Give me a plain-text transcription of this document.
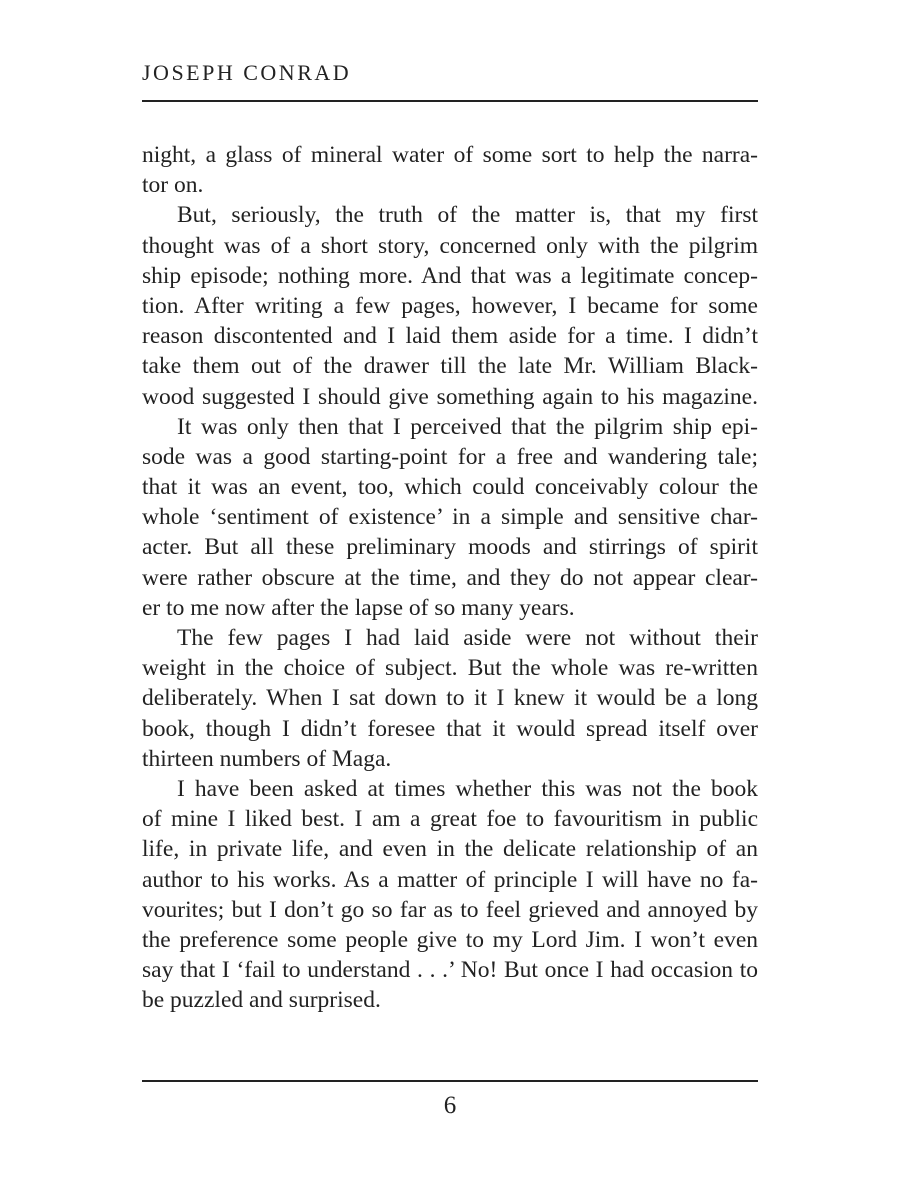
JOSEPH CONRAD
night, a glass of mineral water of some sort to help the narra-
tor on.
But, seriously, the truth of the matter is, that my first
thought was of a short story, concerned only with the pilgrim
ship episode; nothing more. And that was a legitimate concep-
tion. After writing a few pages, however, I became for some
reason discontented and I laid them aside for a time. I didn’t
take them out of the drawer till the late Mr. William Black-
wood suggested I should give something again to his magazine.
It was only then that I perceived that the pilgrim ship epi-
sode was a good starting-point for a free and wandering tale;
that it was an event, too, which could conceivably colour the
whole ‘sentiment of existence’ in a simple and sensitive char-
acter. But all these preliminary moods and stirrings of spirit
were rather obscure at the time, and they do not appear clear-
er to me now after the lapse of so many years.
The few pages I had laid aside were not without their
weight in the choice of subject. But the whole was re-written
deliberately. When I sat down to it I knew it would be a long
book, though I didn’t foresee that it would spread itself over
thirteen numbers of Maga.
I have been asked at times whether this was not the book
of mine I liked best. I am a great foe to favouritism in public
life, in private life, and even in the delicate relationship of an
author to his works. As a matter of principle I will have no fa-
vourites; but I don’t go so far as to feel grieved and annoyed by
the preference some people give to my Lord Jim. I won’t even
say that I ‘fail to understand . . .’ No! But once I had occasion to
be puzzled and surprised.
6
